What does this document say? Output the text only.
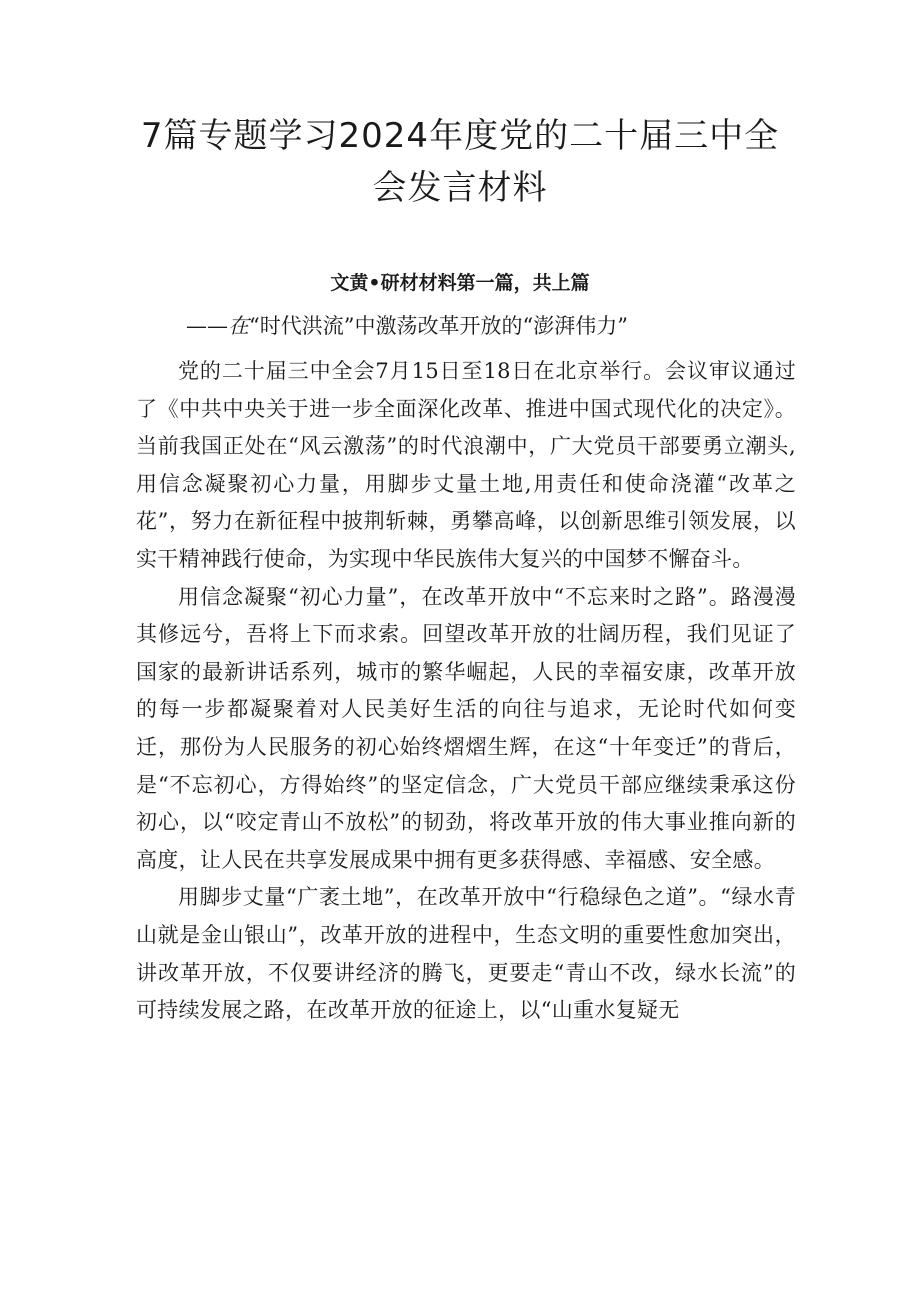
7篇专题学习2024年度党的二十届三中全
会发言材料

文黄•研材材料第一篇，共上篇

——在“时代洪流”中激荡改革开放的“澎湃伟力”

党的二十届三中全会7月15日至18日在北京举行。会议审议通过了《中共中央关于进一步全面深化改革、推进中国式现代化的决定》。当前我国正处在“风云激荡”的时代浪潮中，广大党员干部要勇立潮头,用信念凝聚初心力量，用脚步丈量土地,用责任和使命浇灌“改革之花”，努力在新征程中披荆斩棘，勇攀高峰，以创新思维引领发展，以实干精神践行使命，为实现中华民族伟大复兴的中国梦不懈奋斗。

用信念凝聚“初心力量”，在改革开放中“不忘来时之路”。路漫漫其修远兮，吾将上下而求索。回望改革开放的壮阔历程，我们见证了国家的最新讲话系列，城市的繁华崛起，人民的幸福安康，改革开放的每一步都凝聚着对人民美好生活的向往与追求，无论时代如何变迁，那份为人民服务的初心始终熠熠生辉，在这“十年变迁”的背后，是“不忘初心，方得始终”的坚定信念，广大党员干部应继续秉承这份初心，以“咬定青山不放松”的韧劲，将改革开放的伟大事业推向新的高度，让人民在共享发展成果中拥有更多获得感、幸福感、安全感。

用脚步丈量“广袤土地”，在改革开放中“行稳绿色之道”。“绿水青山就是金山银山”，改革开放的进程中，生态文明的重要性愈加突出，讲改革开放，不仅要讲经济的腾飞，更要走“青山不改，绿水长流”的可持续发展之路，在改革开放的征途上，以“山重水复疑无
